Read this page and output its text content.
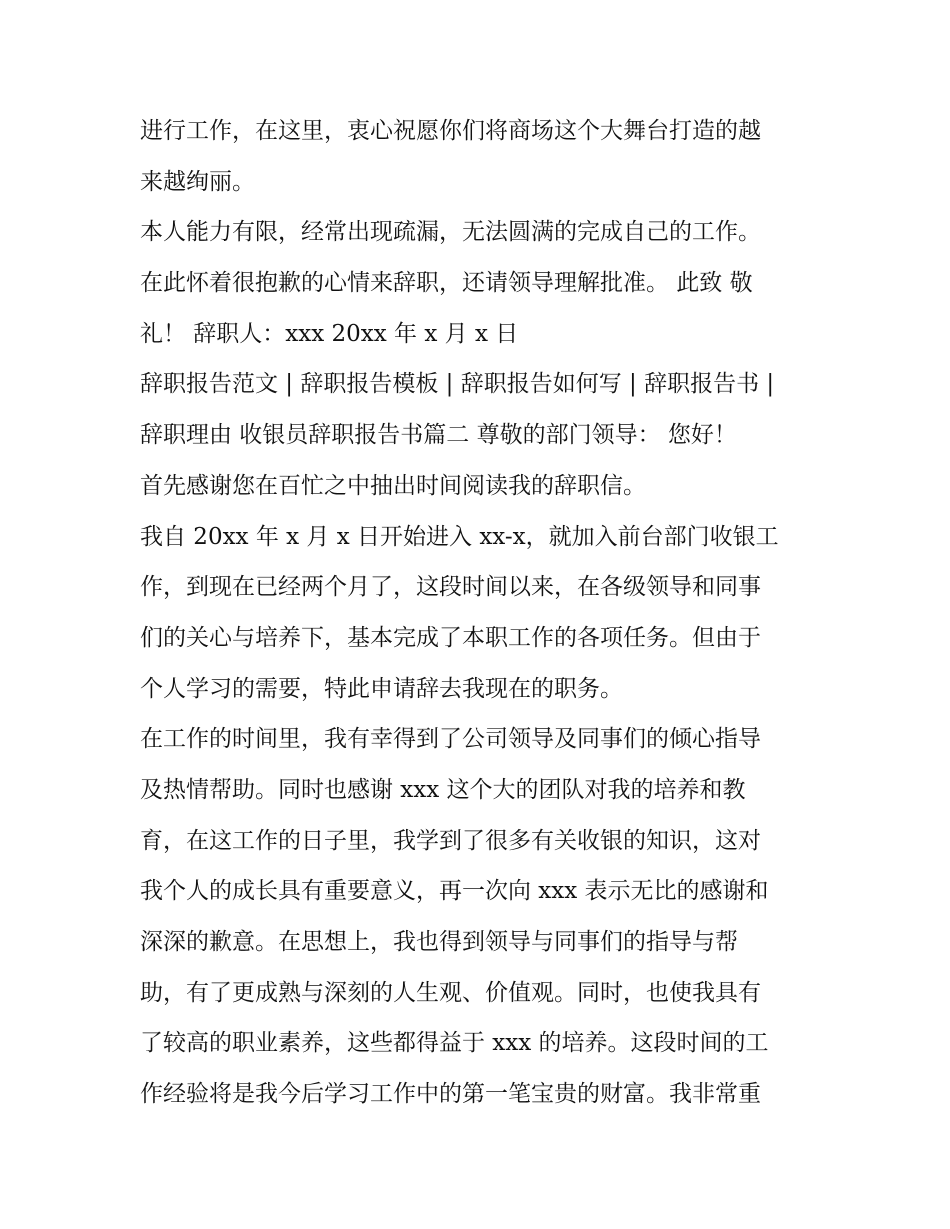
进行工作，在这里，衷心祝愿你们将商场这个大舞台打造的越
来越绚丽。
本人能力有限，经常出现疏漏，无法圆满的完成自己的工作。
在此怀着很抱歉的心情来辞职，还请领导理解批准。 此致 敬
礼！ 辞职人：xxx 20xx 年 x 月 x 日
辞职报告范文 | 辞职报告模板 | 辞职报告如何写 | 辞职报告书 |
辞职理由 收银员辞职报告书篇二 尊敬的部门领导： 您好！
首先感谢您在百忙之中抽出时间阅读我的辞职信。
我自 20xx 年 x 月 x 日开始进入 xx-x，就加入前台部门收银工
作，到现在已经两个月了，这段时间以来，在各级领导和同事
们的关心与培养下，基本完成了本职工作的各项任务。但由于
个人学习的需要，特此申请辞去我现在的职务。
在工作的时间里，我有幸得到了公司领导及同事们的倾心指导
及热情帮助。同时也感谢 xxx 这个大的团队对我的培养和教
育，在这工作的日子里，我学到了很多有关收银的知识，这对
我个人的成长具有重要意义，再一次向 xxx 表示无比的感谢和
深深的歉意。在思想上，我也得到领导与同事们的指导与帮
助，有了更成熟与深刻的人生观、价值观。同时，也使我具有
了较高的职业素养，这些都得益于 xxx 的培养。这段时间的工
作经验将是我今后学习工作中的第一笔宝贵的财富。我非常重
